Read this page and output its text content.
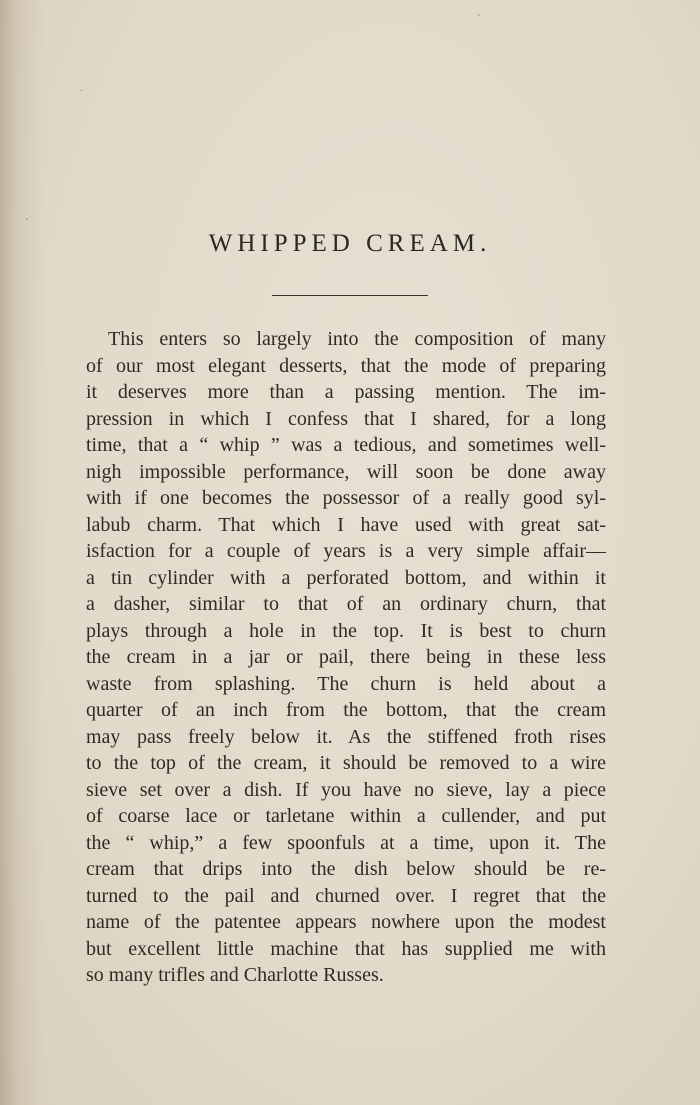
WHIPPED CREAM.
This enters so largely into the composition of many
of our most elegant desserts, that the mode of preparing
it deserves more than a passing mention. The im-
pression in which I confess that I shared, for a long
time, that a “ whip ” was a tedious, and sometimes well-
nigh impossible performance, will soon be done away
with if one becomes the possessor of a really good syl-
labub charm. That which I have used with great sat-
isfaction for a couple of years is a very simple affair—
a tin cylinder with a perforated bottom, and within it
a dasher, similar to that of an ordinary churn, that
plays through a hole in the top. It is best to churn
the cream in a jar or pail, there being in these less
waste from splashing. The churn is held about a
quarter of an inch from the bottom, that the cream
may pass freely below it. As the stiffened froth rises
to the top of the cream, it should be removed to a wire
sieve set over a dish. If you have no sieve, lay a piece
of coarse lace or tarletane within a cullender, and put
the “ whip,” a few spoonfuls at a time, upon it. The
cream that drips into the dish below should be re-
turned to the pail and churned over. I regret that the
name of the patentee appears nowhere upon the modest
but excellent little machine that has supplied me with
so many trifles and Charlotte Russes.
